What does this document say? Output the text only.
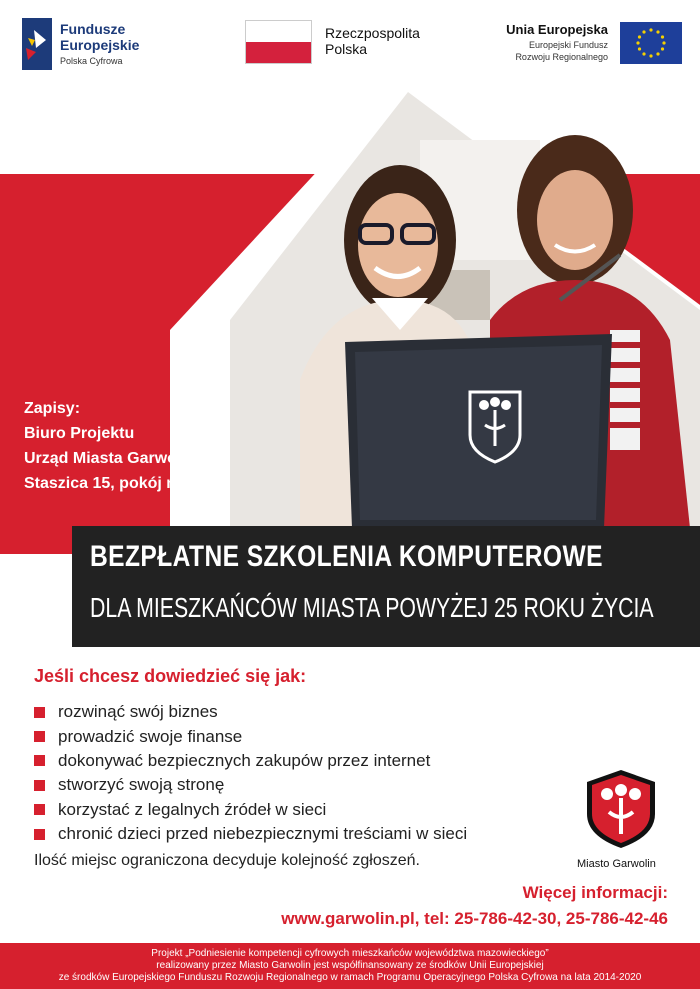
Fundusze
Europejskie
Polska Cyfrowa
Rzeczpospolita
Polska
Unia Europejska
Europejski Fundusz
Rozwoju Regionalnego
Zapisy:
Biuro Projektu
Urząd Miasta Garwolina
Staszica 15, pokój nr 30
BEZPŁATNE SZKOLENIA KOMPUTEROWE
DLA MIESZKAŃCÓW MIASTA POWYŻEJ 25 ROKU ŻYCIA
Jeśli chcesz dowiedzieć się jak:
rozwinąć swój biznes
prowadzić swoje finanse
dokonywać bezpiecznych zakupów przez internet
stworzyć swoją stronę
korzystać z legalnych źródeł w sieci
chronić dzieci przed niebezpiecznymi treściami w sieci
Ilość miejsc ograniczona decyduje kolejność zgłoszeń.	Miasto Garwolin
Więcej informacji:
www.garwolin.pl, tel: 25-786-42-30, 25-786-42-46
Projekt „Podniesienie kompetencji cyfrowych mieszkańców województwa mazowieckiego”
realizowany przez Miasto Garwolin jest współfinansowany ze środków Unii Europejskiej
ze środków Europejskiego Funduszu Rozwoju Regionalnego w ramach Programu Operacyjnego Polska Cyfrowa na lata 2014-2020
